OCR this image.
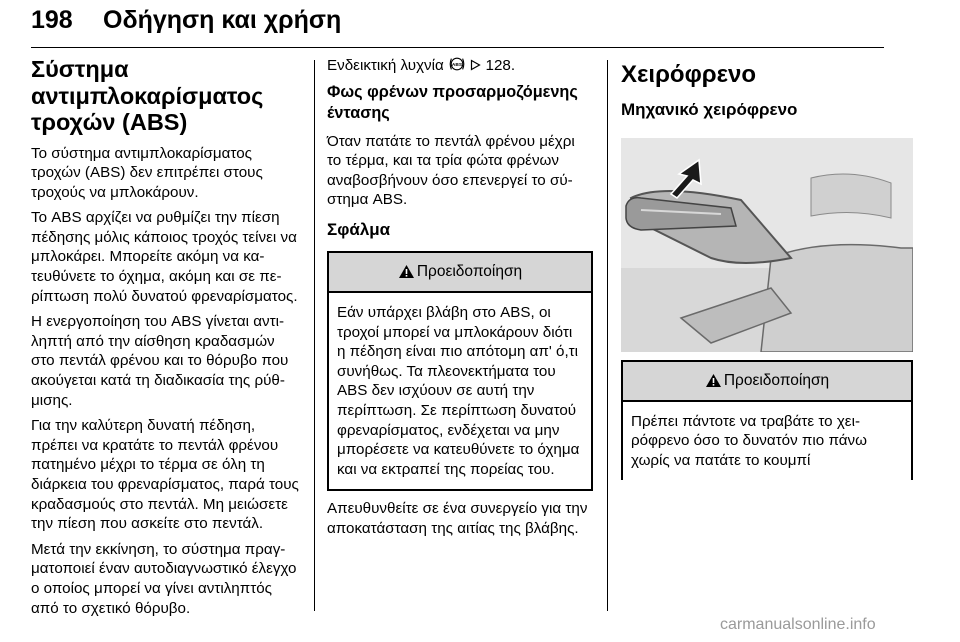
198 Οδήγηση και χρήση
Σύστημα αντιμπλοκαρίσματος τροχών (ABS)

Το σύστημα αντιμπλοκαρίσματος τροχών (ABS) δεν επιτρέπει στους τροχούς να μπλοκάρουν.

Το ABS αρχίζει να ρυθμίζει την πίεση πέδησης μόλις κάποιος τροχός τείνει να μπλοκάρει. Μπορείτε ακόμη να κατευθύνετε το όχημα, ακόμη και σε περίπτωση πολύ δυνατού φρεναρίσματος.

Η ενεργοποίηση του ABS γίνεται αντιληπτή από την αίσθηση κραδασμών στο πεντάλ φρένου και το θόρυβο που ακούγεται κατά τη διαδικασία της ρύθμισης.

Για την καλύτερη δυνατή πέδηση, πρέπει να κρατάτε το πεντάλ φρένου πατημένο μέχρι το τέρμα σε όλη τη διάρκεια του φρεναρίσματος, παρά τους κραδασμούς στο πεντάλ. Μη μειώσετε την πίεση που ασκείτε στο πεντάλ.

Μετά την εκκίνηση, το σύστημα πραγματοποιεί έναν αυτοδιαγνωστικό έλεγχο ο οποίος μπορεί να γίνει αντιληπτός από το σχετικό θόρυβο.

Ενδεικτική λυχνία ABS 128.

Φως φρένων προσαρμοζόμενης έντασης

Όταν πατάτε το πεντάλ φρένου μέχρι το τέρμα, και τα τρία φώτα φρένων αναβοσβήνουν όσο επενεργεί το σύστημα ABS.

Σφάλμα
Προειδοποίηση
Εάν υπάρχει βλάβη στο ABS, οι τροχοί μπορεί να μπλοκάρουν διότι η πέδηση είναι πιο απότομη απ' ό,τι συνήθως. Τα πλεονεκτήματα του ABS δεν ισχύουν σε αυτή την περίπτωση. Σε περίπτωση δυνατού φρεναρίσματος, ενδέχεται να μην μπορέσετε να κατευθύνετε το όχημα και να εκτραπεί της πορείας του.

Απευθυνθείτε σε ένα συνεργείο για την αποκατάσταση της αιτίας της βλάβης.

Χειρόφρενο
Μηχανικό χειρόφρενο
Προειδοποίηση
Πρέπει πάντοτε να τραβάτε το χειρόφρενο όσο το δυνατόν πιο πάνω χωρίς να πατάτε το κουμπί
carmanualsonline.info
